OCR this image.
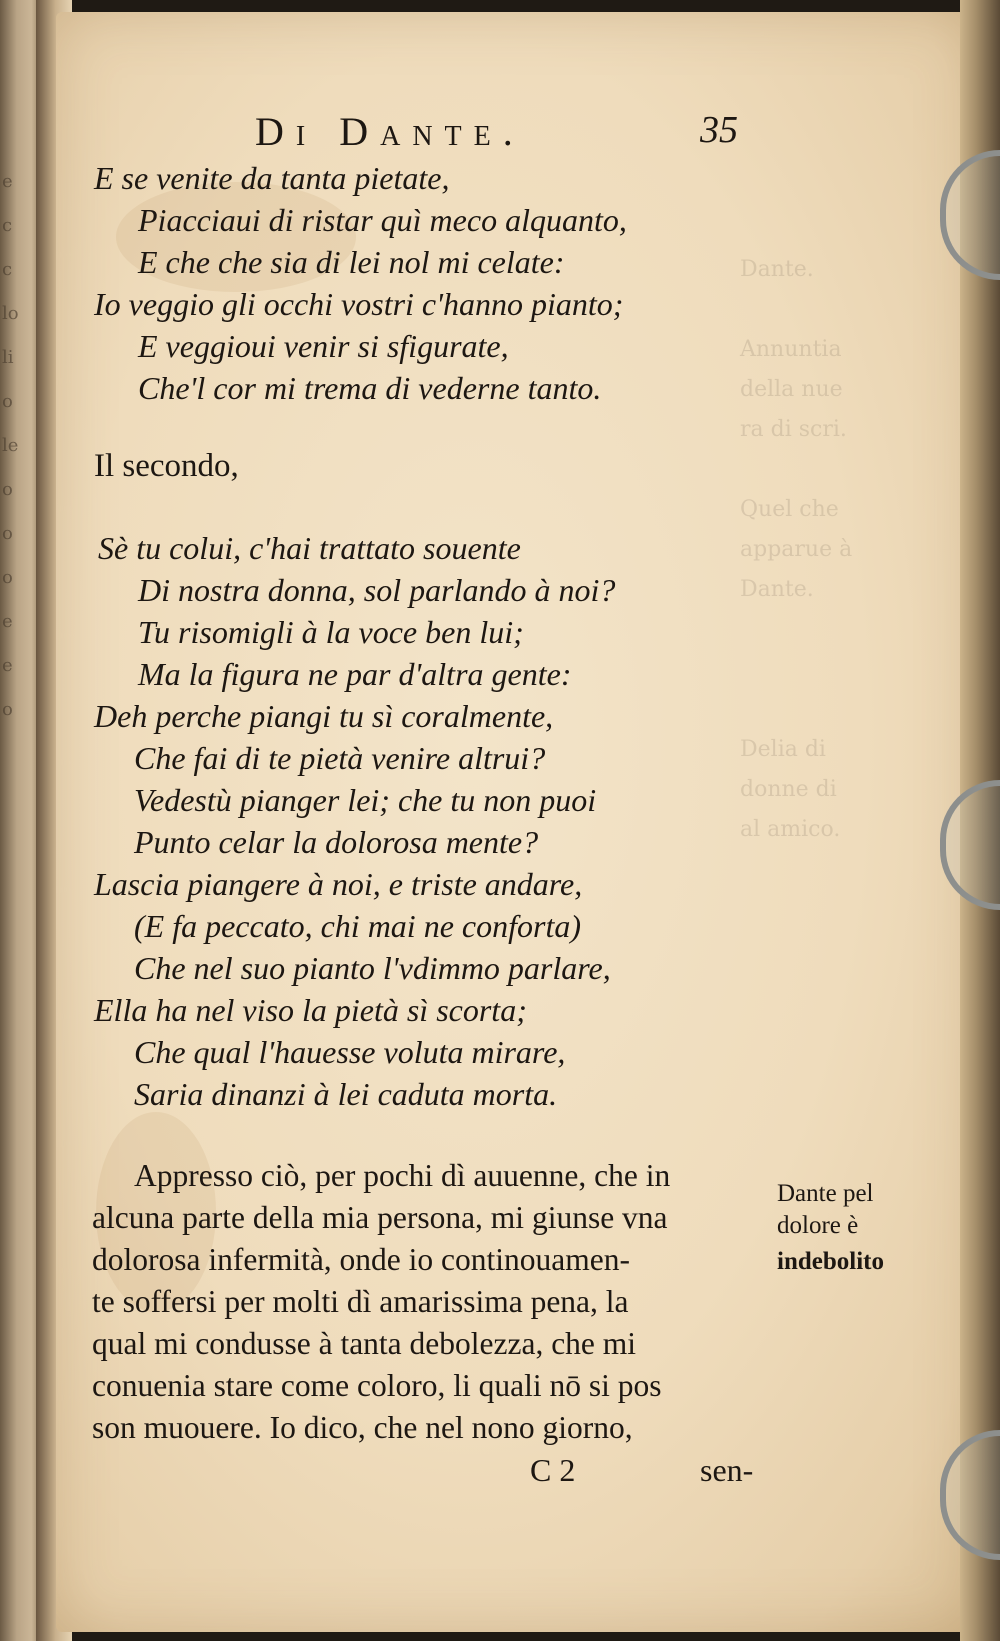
e
c
c
lo
li
o
le
o
o
o
e
e
o

Dante.

Annuntia
della nue
ra di scri.

Quel che
apparue à
Dante.

Delia di
donne di
al amico.
Di Dante.	35
E se venite da tanta pietate,
Piacciaui di ristar quì meco alquanto,
E che che sia di lei nol mi celate:
Io veggio gli occhi vostri c'hanno pianto;
E veggioui venir si sfigurate,
Che'l cor mi trema di vederne tanto.
Il secondo,
Sè tu colui, c'hai trattato souente
Di nostra donna, sol parlando à noi?
Tu risomigli à la voce ben lui;
Ma la figura ne par d'altra gente:
Deh perche piangi tu sì coralmente,
Che fai di te pietà venire altrui?
Vedestù pianger lei; che tu non puoi
Punto celar la dolorosa mente?
Lascia piangere à noi, e triste andare,
(E fa peccato, chi mai ne conforta)
Che nel suo pianto l'vdimmo parlare,
Ella ha nel viso la pietà sì scorta;
Che qual l'hauesse voluta mirare,
Saria dinanzi à lei caduta morta.
Appresso ciò, per pochi dì auuenne, che in
alcuna parte della mia persona, mi giunse vna
dolorosa infermità, onde io continouamen-
te soffersi per molti dì amarissima pena, la
qual mi condusse à tanta debolezza, che mi
conuenia stare come coloro, li quali nō si pos
son muouere. Io dico, che nel nono giorno,
Dante pel
dolore è
indebolito
C 2	sen-
